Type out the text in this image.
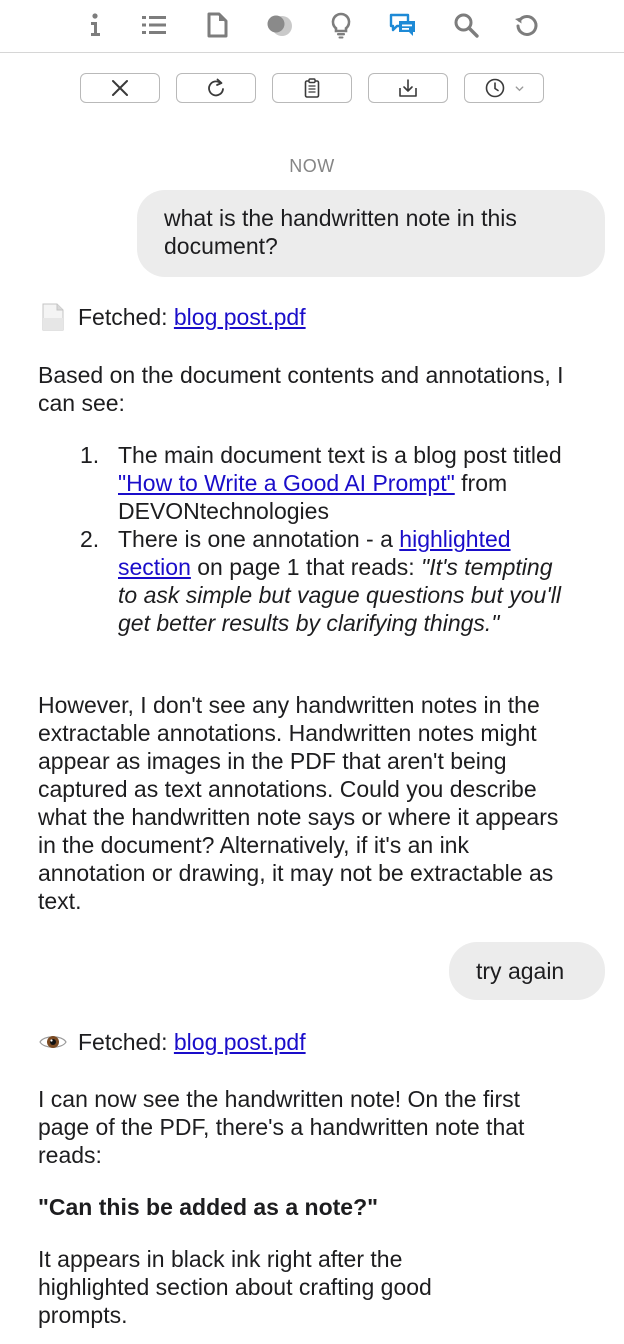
NOW
what is the handwritten note in this document?
Fetched:
blog post.pdf

Based on the document contents and annotations, I can see:

1. The main document text is a blog post titled "How to Write a Good AI Prompt" from DEVONtechnologies
2. There is one annotation - a highlighted section on page 1 that reads: "It's tempting to ask simple but vague questions but you'll get better results by clarifying things."

However, I don't see any handwritten notes in the extractable annotations. Handwritten notes might appear as images in the PDF that aren't being captured as text annotations. Could you describe what the handwritten note says or where it appears in the document? Alternatively, if it's an ink annotation or drawing, it may not be extractable as text.

try again
Fetched:
blog post.pdf

I can now see the handwritten note! On the first page of the PDF, there's a handwritten note that reads:

"Can this be added as a note?"

It appears in black ink right after the highlighted section about crafting good prompts.
